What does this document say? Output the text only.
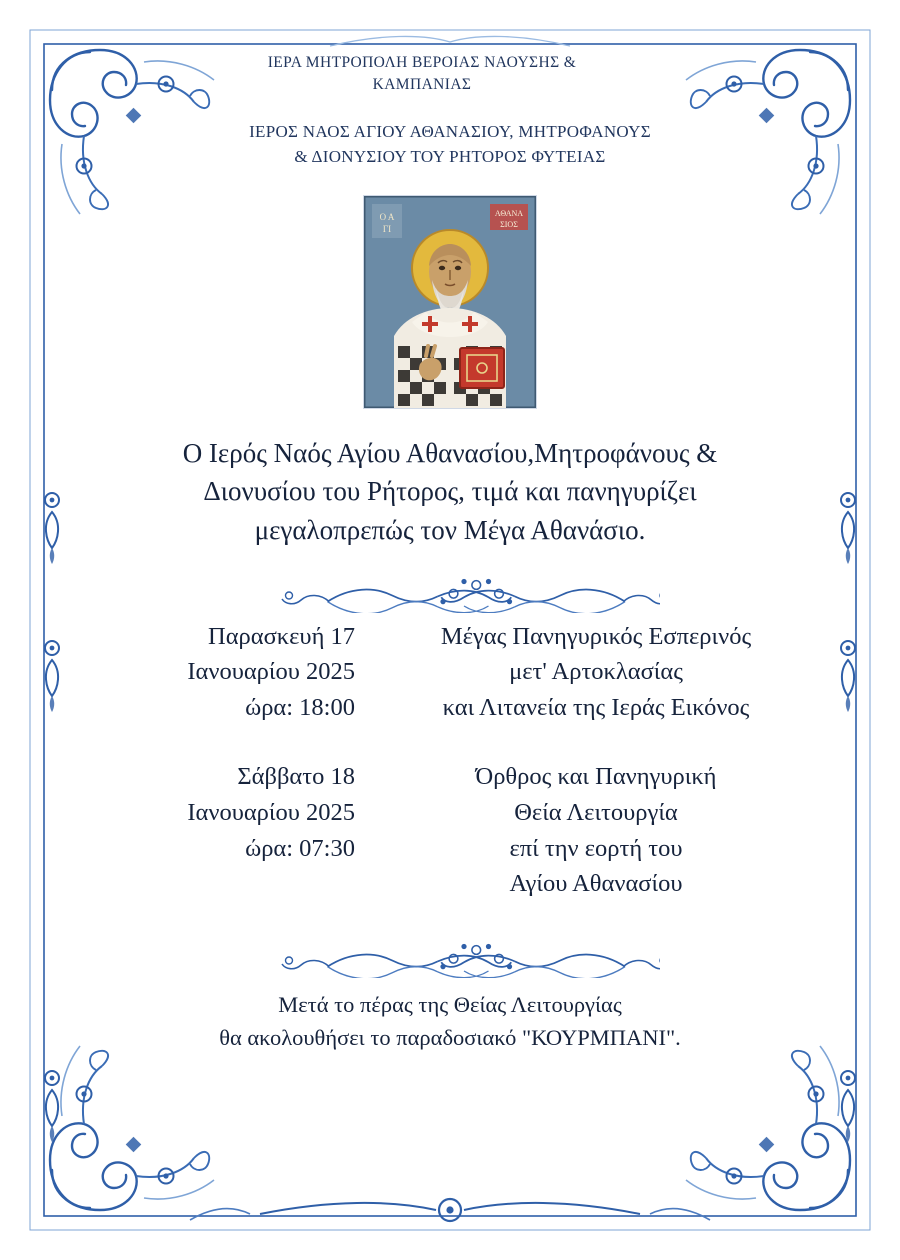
ΙΕΡΑ ΜΗΤΡΟΠΟΛΗ ΒΕΡΟΙΑΣ ΝΑΟΥΣΗΣ &
ΚΑΜΠΑΝΙΑΣ
ΙΕΡΟΣ ΝΑΟΣ ΑΓΙΟΥ ΑΘΑΝΑΣΙΟΥ, ΜΗΤΡΟΦΑΝΟΥΣ
& ΔΙΟΝΥΣΙΟΥ ΤΟΥ ΡΗΤΟΡΟΣ ΦΥΤΕΙΑΣ
Ο Α
ΓΙ
ΑΘΑΝΑ
ΣΙΟΣ
Ο Ιερός Ναός Αγίου Αθανασίου,Μητροφάνους &
Διονυσίου του Ρήτορος, τιμά και πανηγυρίζει
μεγαλοπρεπώς τον Μέγα Αθανάσιο.
Παρασκευή 17
Ιανουαρίου 2025
ώρα: 18:00
Μέγας Πανηγυρικός Εσπερινός
μετ' Αρτοκλασίας
και Λιτανεία της Ιεράς Εικόνος
Σάββατο 18
Ιανουαρίου 2025
ώρα: 07:30
Όρθρος και Πανηγυρική
Θεία Λειτουργία
επί την εορτή του
Αγίου Αθανασίου
Μετά το πέρας της Θείας Λειτουργίας
θα ακολουθήσει το παραδοσιακό "ΚΟΥΡΜΠΑΝΙ".
